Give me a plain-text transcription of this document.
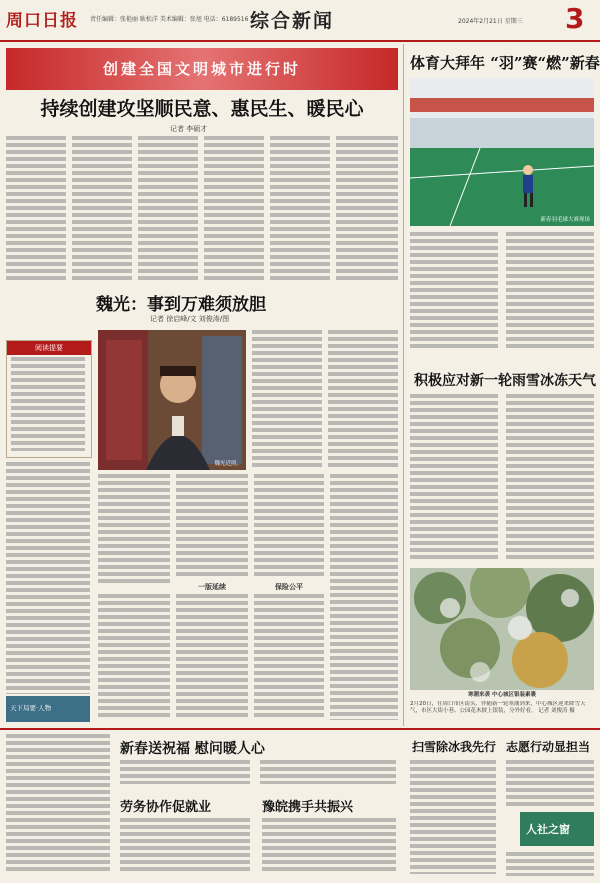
周口日报 责任编辑：张艳丽 耿松洋 美术编辑：张旭 电话：6189516 综合新闻	2024年2月21日 星期三 3
创建全国文明城市进行时
持续创建攻坚顺民意、惠民生、暖民心
记者 李硕才
魏光：事到万难须放胆
记者 徐启峰/文 刘俊涛/图
阅读提要
魏光近照。
一版延续	保险公平
天下局要·人物
体育大拜年 “羽”赛“燃”新春
新春羽毛球大赛现场
积极应对新一轮雨雪冰冻天气
寒潮来袭 中心城区银装素裹
2月20日，在周口市区街头，伴随新一轮寒潮到来，中心城区迎来降雪天气，市区大街小巷、公园花木披上银装，分外好看。 记者 刘俊涛 摄
新春送祝福 慰问暖人心
劳务协作促就业	豫皖携手共振兴
扫雪除冰我先行 志愿行动显担当
人社之窗
